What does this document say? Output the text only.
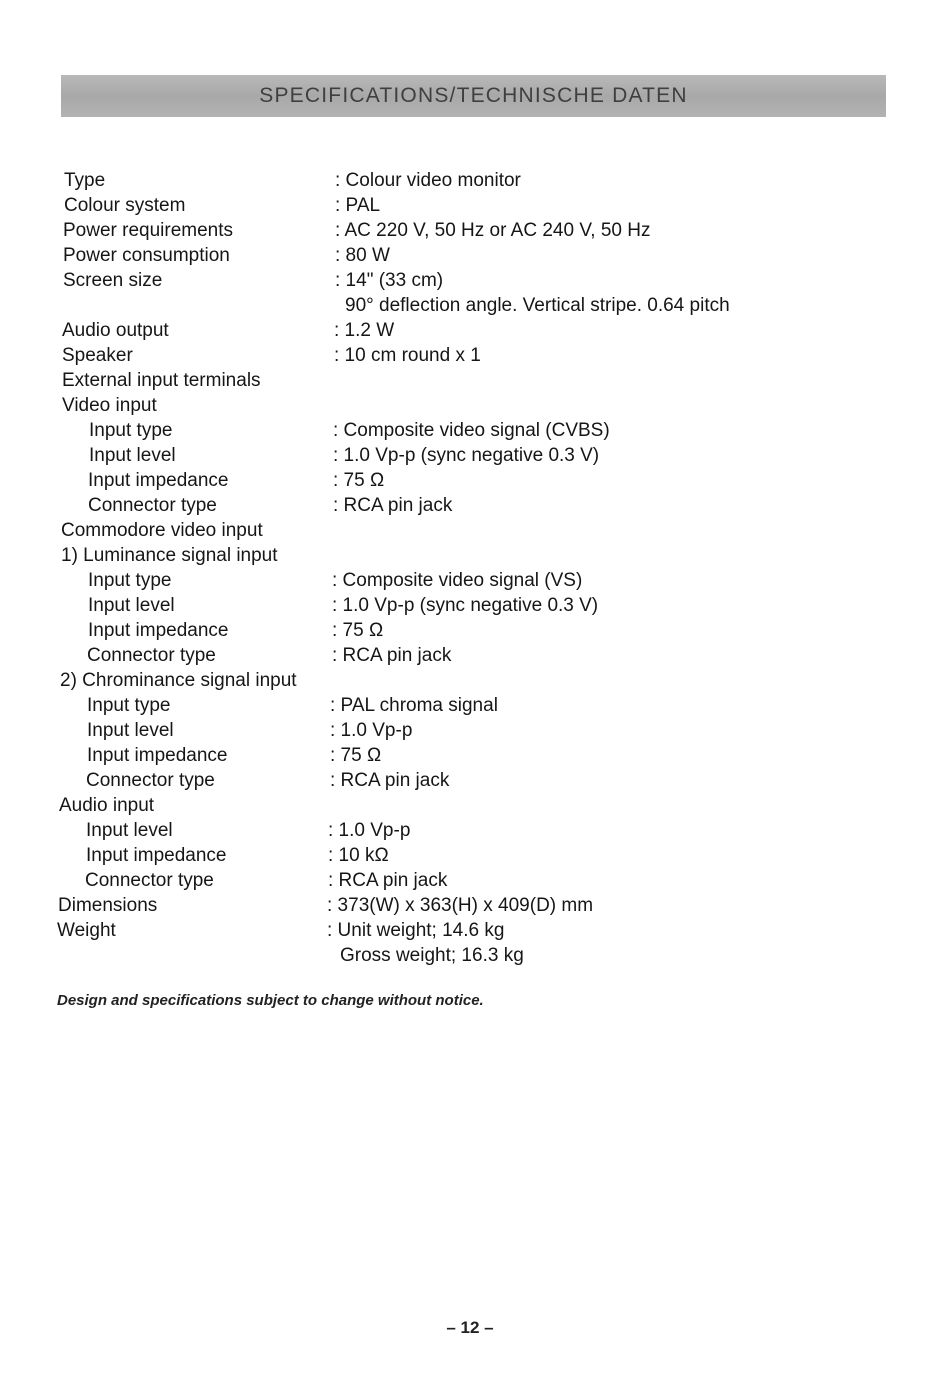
SPECIFICATIONS/TECHNISCHE DATEN
Type	: Colour video monitor
Colour system	: PAL
Power requirements	: AC 220 V, 50 Hz or AC 240 V, 50 Hz
Power consumption	: 80 W
Screen size	: 14" (33 cm)
90° deflection angle. Vertical stripe. 0.64 pitch
Audio output	: 1.2 W
Speaker	: 10 cm round x 1
External input terminals
Video input
Input type	: Composite video signal (CVBS)
Input level	: 1.0 Vp-p (sync negative 0.3 V)
Input impedance	: 75 Ω
Connector type	: RCA pin jack
Commodore video input
1) Luminance signal input
Input type	: Composite video signal (VS)
Input level	: 1.0 Vp-p (sync negative 0.3 V)
Input impedance	: 75 Ω
Connector type	: RCA pin jack
2) Chrominance signal input
Input type	: PAL chroma signal
Input level	: 1.0 Vp-p
Input impedance	: 75 Ω
Connector type	: RCA pin jack
Audio input
Input level	: 1.0 Vp-p
Input impedance	: 10 kΩ
Connector type	: RCA pin jack
Dimensions	: 373(W) x 363(H) x 409(D) mm
Weight	: Unit weight; 14.6 kg
Gross weight; 16.3 kg
Design and specifications subject to change without notice.
– 12 –
